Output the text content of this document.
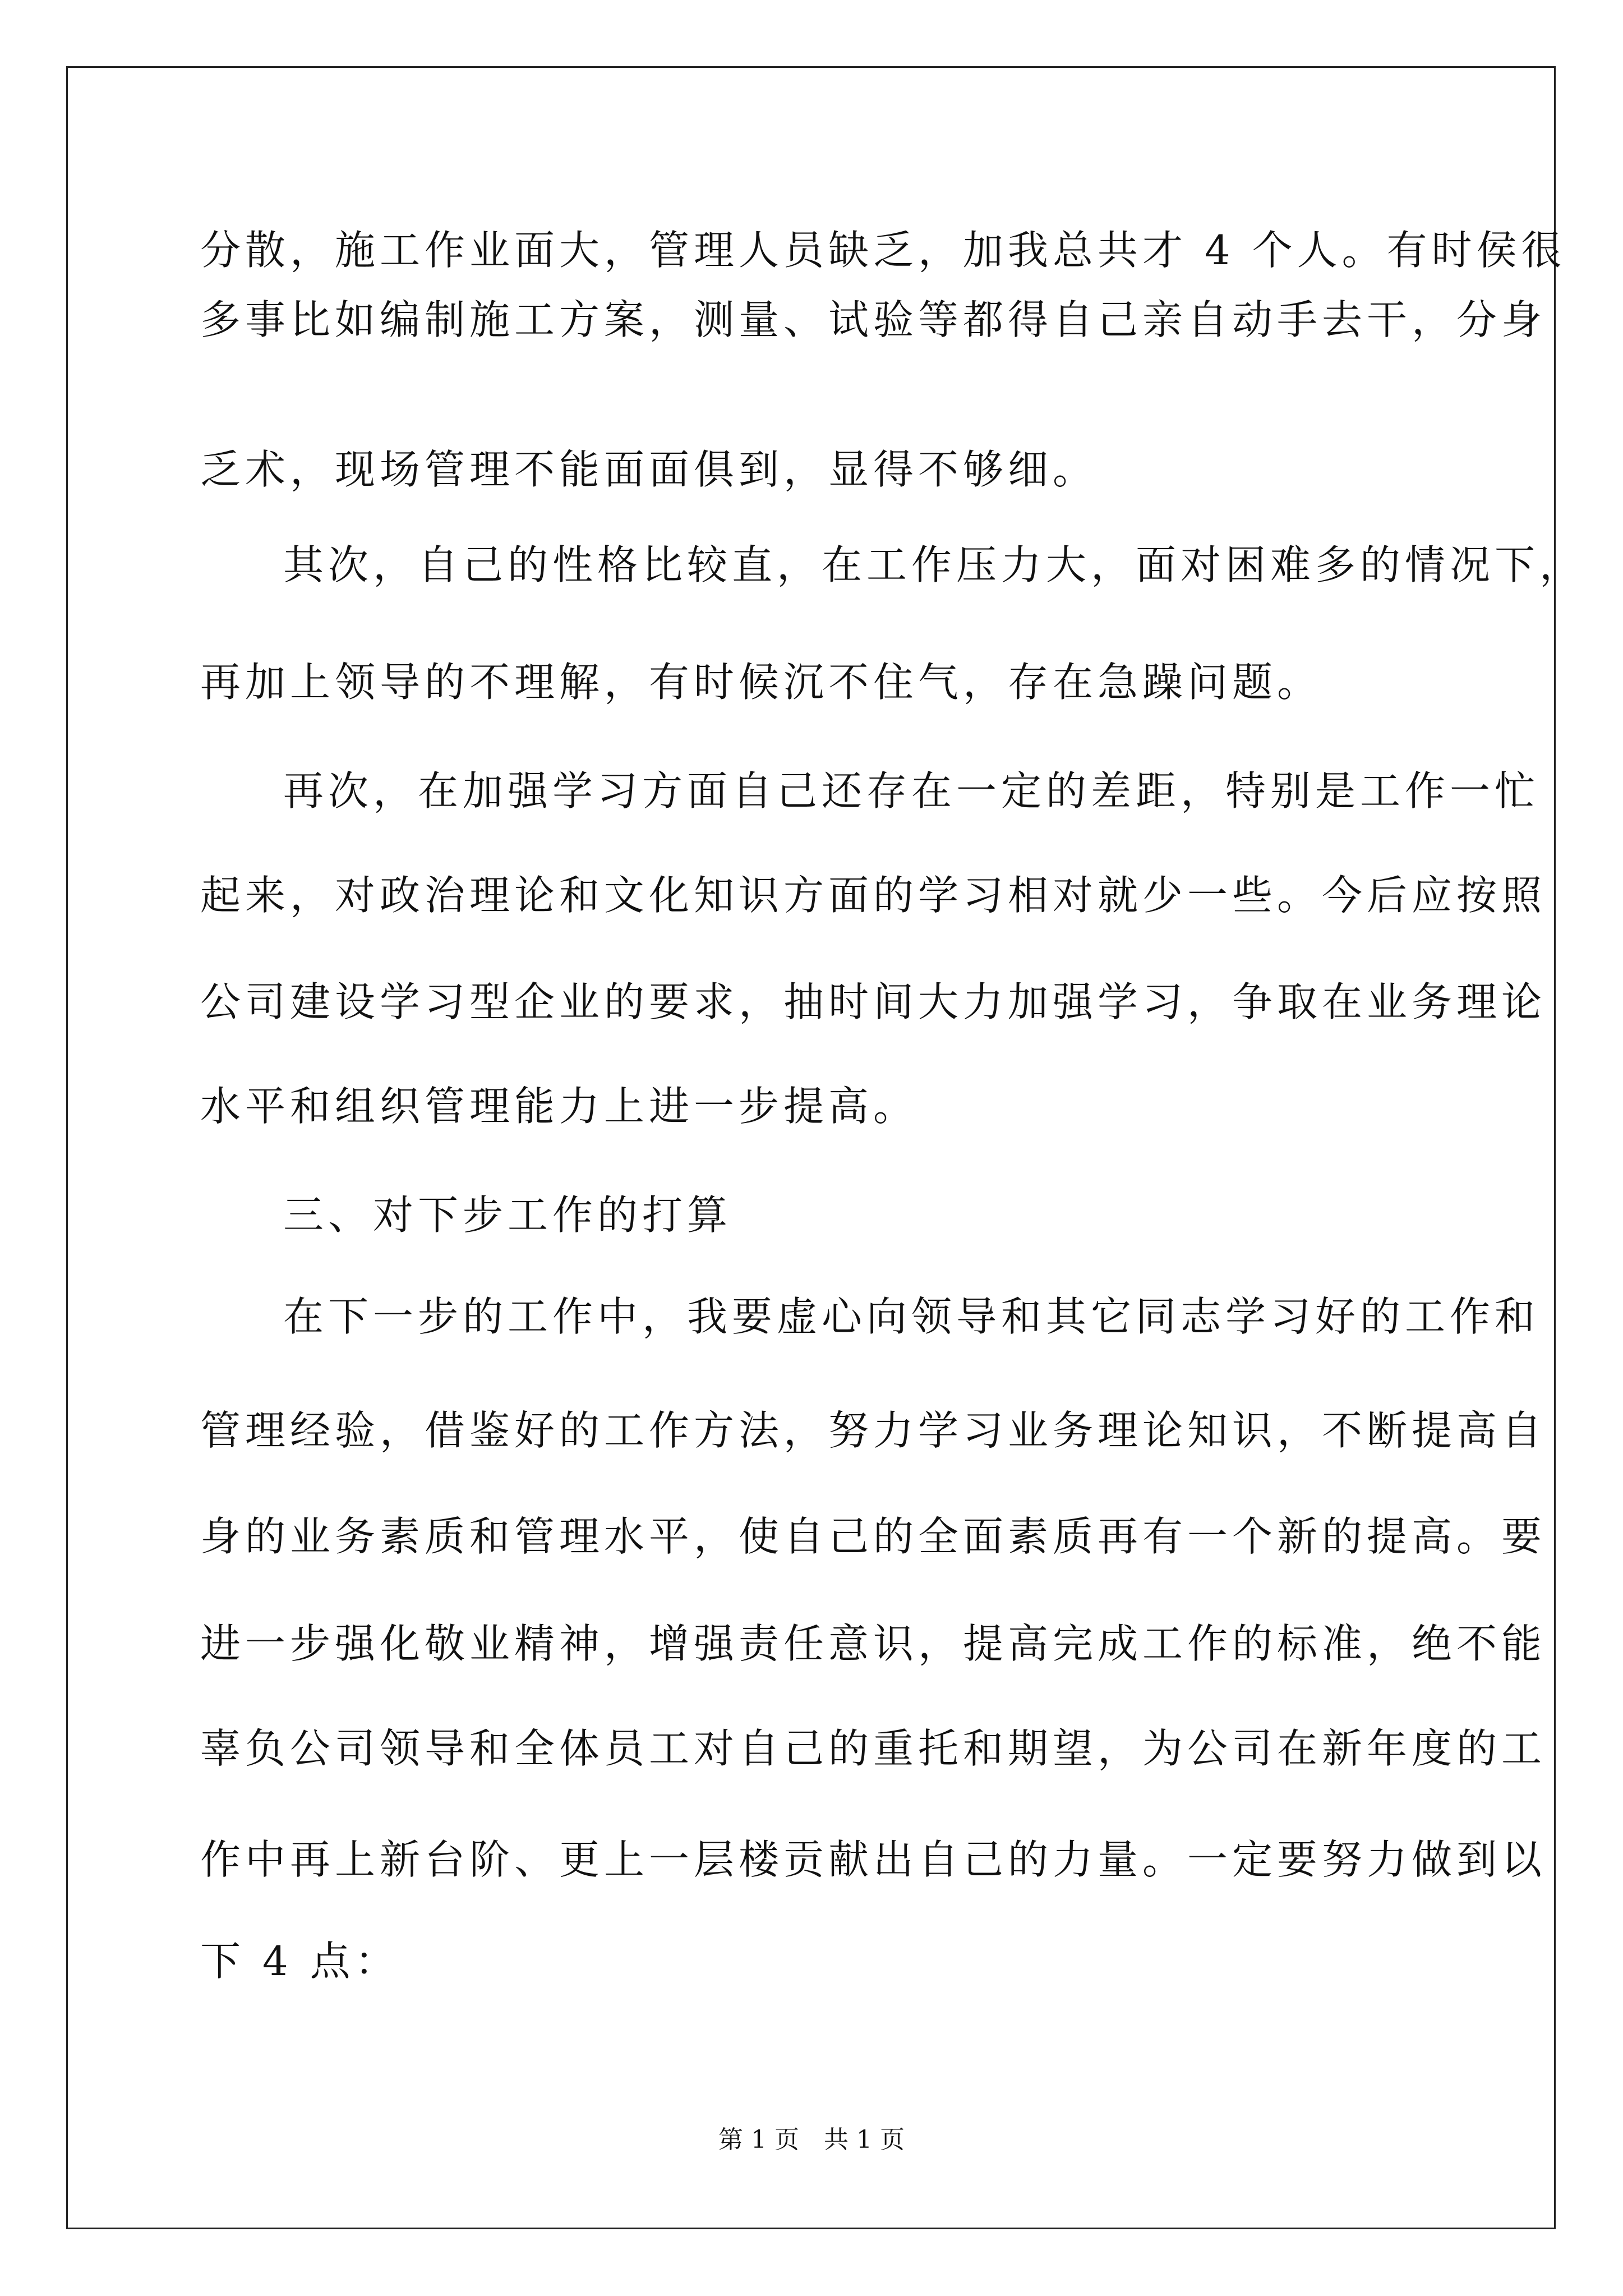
分散，施工作业面大，管理人员缺乏，加我总共才 4 个人。有时侯很
多事比如编制施工方案，测量、试验等都得自己亲自动手去干，分身
乏术，现场管理不能面面俱到，显得不够细。
其次，自己的性格比较直，在工作压力大，面对困难多的情况下，
再加上领导的不理解，有时候沉不住气，存在急躁问题。
再次，在加强学习方面自己还存在一定的差距，特别是工作一忙
起来，对政治理论和文化知识方面的学习相对就少一些。今后应按照
公司建设学习型企业的要求，抽时间大力加强学习，争取在业务理论
水平和组织管理能力上进一步提高。
三、对下步工作的打算
在下一步的工作中，我要虚心向领导和其它同志学习好的工作和
管理经验，借鉴好的工作方法，努力学习业务理论知识，不断提高自
身的业务素质和管理水平，使自己的全面素质再有一个新的提高。要
进一步强化敬业精神，增强责任意识，提高完成工作的标准，绝不能
辜负公司领导和全体员工对自己的重托和期望，为公司在新年度的工
作中再上新台阶、更上一层楼贡献出自己的力量。一定要努力做到以
下 4 点：
第 1 页　共 1 页
